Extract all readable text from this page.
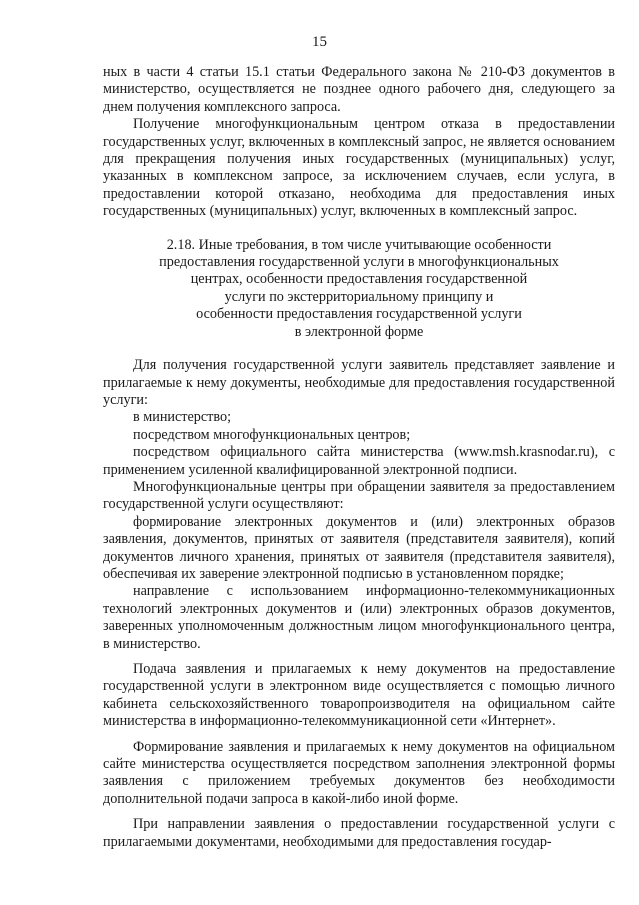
15

ных в части 4 статьи 15.1 статьи Федерального закона № 210-ФЗ документов в министерство, осуществляется не позднее одного рабочего дня, следующего за днем получения комплексного запроса.

Получение многофункциональным центром отказа в предоставлении государственных услуг, включенных в комплексный запрос, не является основанием для прекращения получения иных государственных (муниципальных) услуг, указанных в комплексном запросе, за исключением случаев, если услуга, в предоставлении которой отказано, необходима для предоставления иных государственных (муниципальных) услуг, включенных в комплексный запрос.

2.18. Иные требования, в том числе учитывающие особенности
предоставления государственной услуги в многофункциональных
центрах, особенности предоставления государственной
услуги по экстерриториальному принципу и
особенности предоставления государственной услуги
в электронной форме

Для получения государственной услуги заявитель представляет заявление и прилагаемые к нему документы, необходимые для предоставления государственной услуги:

в министерство;

посредством многофункциональных центров;

посредством официального сайта министерства (www.msh.krasnodar.ru), с применением усиленной квалифицированной электронной подписи.

Многофункциональные центры при обращении заявителя за предоставлением государственной услуги осуществляют:

формирование электронных документов и (или) электронных образов заявления, документов, принятых от заявителя (представителя заявителя), копий документов личного хранения, принятых от заявителя (представителя заявителя), обеспечивая их заверение электронной подписью в установленном порядке;

направление с использованием информационно-телекоммуникационных технологий электронных документов и (или) электронных образов документов, заверенных уполномоченным должностным лицом многофункционального центра, в министерство.

Подача заявления и прилагаемых к нему документов на предоставление государственной услуги в электронном виде осуществляется с помощью личного кабинета сельскохозяйственного товаропроизводителя на официальном сайте министерства в информационно-телекоммуникационной сети «Интернет».

Формирование заявления и прилагаемых к нему документов на официальном сайте министерства осуществляется посредством заполнения электронной формы заявления с приложением требуемых документов без необходимости дополнительной подачи запроса в какой-либо иной форме.

При направлении заявления о предоставлении государственной услуги с прилагаемыми документами, необходимыми для предоставления государ-
